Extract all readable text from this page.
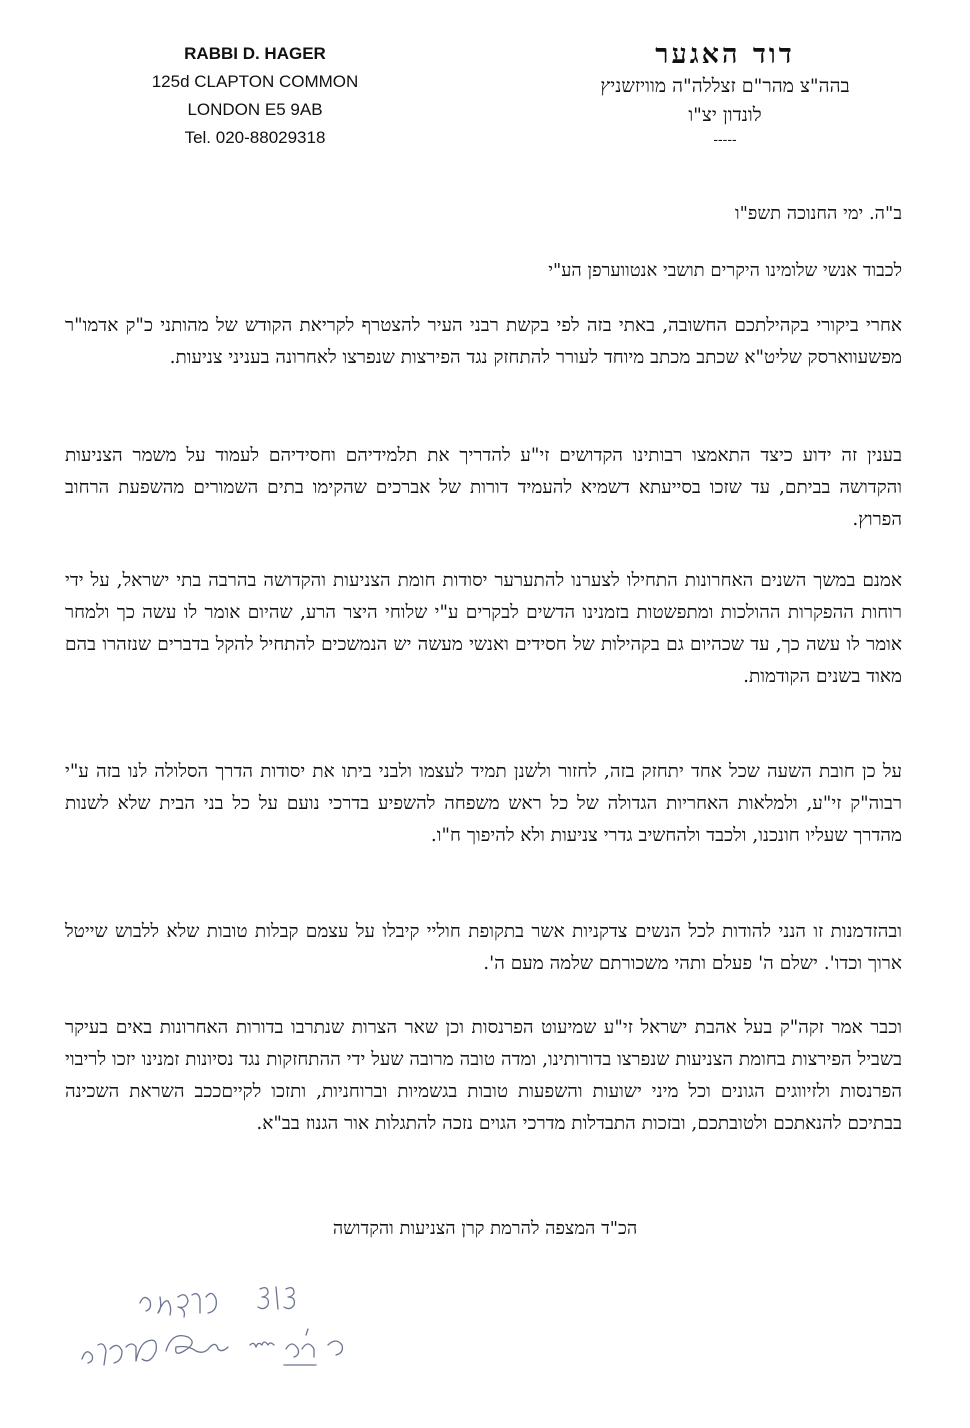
RABBI D. HAGER
125d CLAPTON COMMON
LONDON E5 9AB
Tel. 020-88029318
דוד האגער
בהה"צ מהר"ם זצללה"ה מוויזשניץ
לונדון יצ"ו
-----
ב"ה. ימי החנוכה תשפ"ו
לכבוד אנשי שלומינו היקרים תושבי אנטווערפן הע"י
אחרי ביקורי בקהילתכם החשובה, באתי בזה לפי בקשת רבני העיר להצטרף לקריאת הקודש של מהותני כ"ק אדמו"ר מפשעווארסק שליט"א שכתב מכתב מיוחד לעורר להתחזק נגד הפירצות שנפרצו לאחרונה בעניני צניעות.
בענין זה ידוע כיצד התאמצו רבותינו הקדושים זי"ע להדריך את תלמידיהם וחסידיהם לעמוד על משמר הצניעות והקדושה בביתם, עד שזכו בסייעתא דשמיא להעמיד דורות של אברכים שהקימו בתים השמורים מהשפעת הרחוב הפרוץ.
אמנם במשך השנים האחרונות התחילו לצערנו להתערער יסודות חומת הצניעות והקדושה בהרבה בתי ישראל, על ידי רוחות ההפקרות ההולכות ומתפשטות בזמנינו הדשים לבקרים ע"י שלוחי היצר הרע, שהיום אומר לו עשה כך ולמחר אומר לו עשה כך, עד שכהיום גם בקהילות של חסידים ואנשי מעשה יש הנמשכים להתחיל להקל בדברים שנזהרו בהם מאוד בשנים הקודמות.
על כן חובת השעה שכל אחד יתחזק בזה, לחזור ולשנן תמיד לעצמו ולבני ביתו את יסודות הדרך הסלולה לנו בזה ע"י רבוה"ק זי"ע, ולמלאות האחריות הגדולה של כל ראש משפחה להשפיע בדרכי נועם על כל בני הבית שלא לשנות מהדרך שעליו חונכנו, ולכבד ולהחשיב גדרי צניעות ולא להיפוך ח"ו.
ובהזדמנות זו הנני להודות לכל הנשים צדקניות אשר בתקופת חוליי קיבלו על עצמם קבלות טובות שלא ללבוש שייטל ארוך וכדו'. ישלם ה' פעלם ותהי משכורתם שלמה מעם ה'.
וכבר אמר זקה"ק בעל אהבת ישראל זי"ע שמיעוט הפרנסות וכן שאר הצרות שנתרבו בדורות האחרונות באים בעיקר בשביל הפירצות בחומת הצניעות שנפרצו בדורותינו, ומדה טובה מרובה שעל ידי ההתחזקות נגד נסיונות זמנינו יזכו לריבוי הפרנסות ולזיווגים הגונים וכל מיני ישועות והשפעות טובות בגשמיות וברוחניות, ותזכו לקייםככב השראת השכינה בבתיכם להנאתכם ולטובתכם, ובזכות התבדלות מדרכי הגוים נזכה להתגלות אור הגנוז בב"א.
הכ"ד המצפה להרמת קרן הצניעות והקדושה
